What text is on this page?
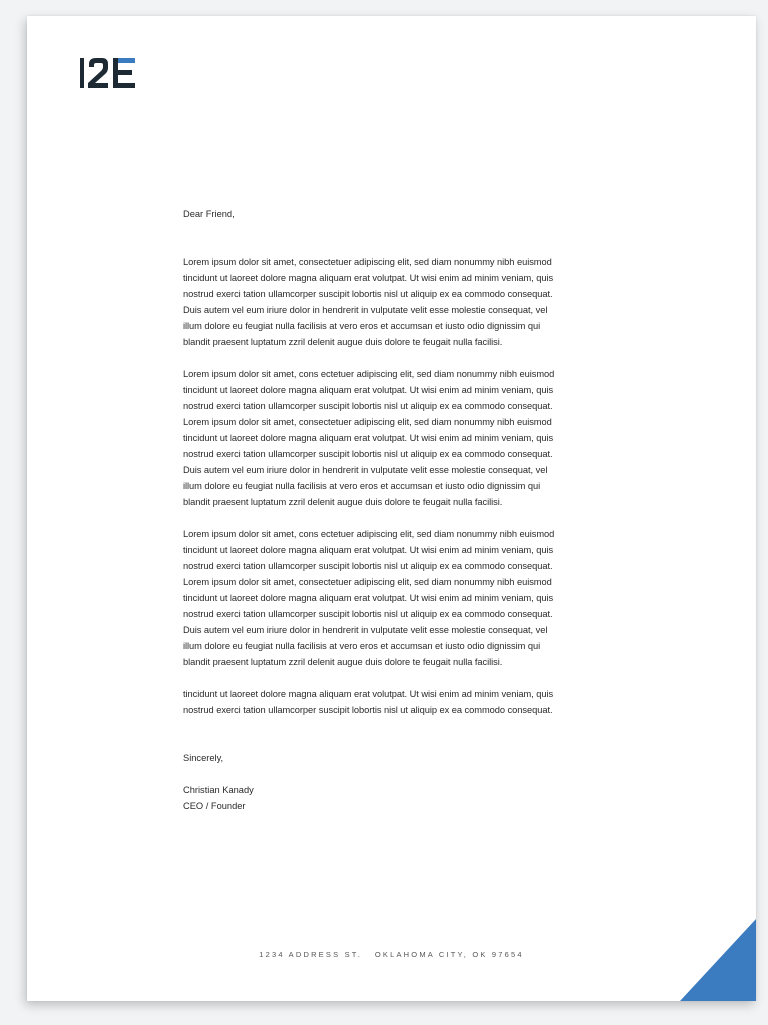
Dear Friend,

Lorem ipsum dolor sit amet, consectetuer adipiscing elit, sed diam nonummy nibh euismod
tincidunt ut laoreet dolore magna aliquam erat volutpat. Ut wisi enim ad minim veniam, quis
nostrud exerci tation ullamcorper suscipit lobortis nisl ut aliquip ex ea commodo consequat.
Duis autem vel eum iriure dolor in hendrerit in vulputate velit esse molestie consequat, vel
illum dolore eu feugiat nulla facilisis at vero eros et accumsan et iusto odio dignissim qui
blandit praesent luptatum zzril delenit augue duis dolore te feugait nulla facilisi.

Lorem ipsum dolor sit amet, cons ectetuer adipiscing elit, sed diam nonummy nibh euismod
tincidunt ut laoreet dolore magna aliquam erat volutpat. Ut wisi enim ad minim veniam, quis
nostrud exerci tation ullamcorper suscipit lobortis nisl ut aliquip ex ea commodo consequat.
Lorem ipsum dolor sit amet, consectetuer adipiscing elit, sed diam nonummy nibh euismod
tincidunt ut laoreet dolore magna aliquam erat volutpat. Ut wisi enim ad minim veniam, quis
nostrud exerci tation ullamcorper suscipit lobortis nisl ut aliquip ex ea commodo consequat.
Duis autem vel eum iriure dolor in hendrerit in vulputate velit esse molestie consequat, vel
illum dolore eu feugiat nulla facilisis at vero eros et accumsan et iusto odio dignissim qui
blandit praesent luptatum zzril delenit augue duis dolore te feugait nulla facilisi.

Lorem ipsum dolor sit amet, cons ectetuer adipiscing elit, sed diam nonummy nibh euismod
tincidunt ut laoreet dolore magna aliquam erat volutpat. Ut wisi enim ad minim veniam, quis
nostrud exerci tation ullamcorper suscipit lobortis nisl ut aliquip ex ea commodo consequat.
Lorem ipsum dolor sit amet, consectetuer adipiscing elit, sed diam nonummy nibh euismod
tincidunt ut laoreet dolore magna aliquam erat volutpat. Ut wisi enim ad minim veniam, quis
nostrud exerci tation ullamcorper suscipit lobortis nisl ut aliquip ex ea commodo consequat.
Duis autem vel eum iriure dolor in hendrerit in vulputate velit esse molestie consequat, vel
illum dolore eu feugiat nulla facilisis at vero eros et accumsan et iusto odio dignissim qui
blandit praesent luptatum zzril delenit augue duis dolore te feugait nulla facilisi.

tincidunt ut laoreet dolore magna aliquam erat volutpat. Ut wisi enim ad minim veniam, quis
nostrud exerci tation ullamcorper suscipit lobortis nisl ut aliquip ex ea commodo consequat.

Sincerely,

Christian Kanady

CEO / Founder

1234 ADDRESS ST.   OKLAHOMA CITY, OK 97654
